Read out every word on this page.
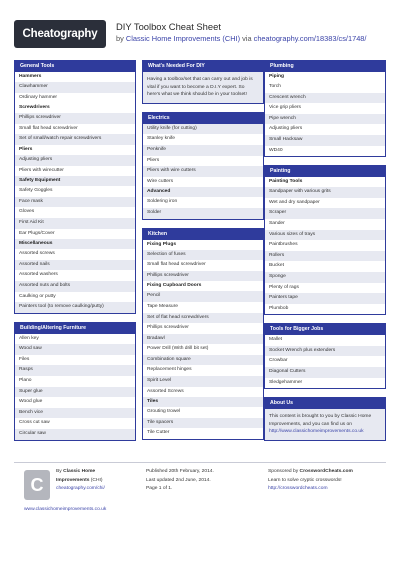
Cheatography
DIY Toolbox Cheat Sheet
by Classic Home Improvements (CHI) via cheatography.com/18383/cs/1748/
General Tools
Hammers
Clawhammer
Ordinary hammer
Screwdrivers
Phillips screwdriver
Small flat head screwdriver
Set of small/watch repair screwdrivers
Pliers
Adjusting pliers
Pliers with wirecutter
Safety Equipment
Safety Goggles
Face mask
Gloves
First Aid Kit
Ear Plugs/Cover
Miscellaneous
Assorted screws
Assorted nails
Assorted washers
Assorted nuts and bolts
Caulking or putty
Painters tool (to remove caulking/putty)
Building/Altering Furniture
Allen key
Wood saw
Files
Rasps
Plano
Super glue
Wood glue
Bench vice
Cross cut saw
Circular saw
What's Needed For DIY
Having a toolbox/set that can carry out and job is vital if you want to become a D.I.Y expert. So here's what we think should be in your toolset!
Electrics
Utility knife (for cutting)
Stanley knife
Penknife
Pliers
Pliers with wire cutters
Wire cutters
Advanced
Soldering iron
Solder
Kitchen
Fixing Plugs
Selection of fuses
Small flat head screwdriver
Phillips screwdriver
Fixing Cupboard Doors
Pencil
Tape Measure
Set of flat head screwdrivers
Phillips screwdriver
Bradawl
Power Drill (With drill bit set)
Combination square
Replacement hinges
Spirit Level
Assorted Screws
Tiles
Grouting trowel
Tile spacers
Tile Cutter
Plumbing
Piping
Torch
Crescent wrench
Vice grip pliers
Pipe wrench
Adjusting pliers
Small Hacksaw
WD40
Painting
Painting Tools
Sandpaper with various grits
Wet and dry sandpaper
Scraper
Sander
Various sizes of trays
Paintbrushes
Rollers
Bucket
Sponge
Plenty of rags
Painters tape
Plumbob
Tools for Bigger Jobs
Mallet
Socket Wrench plus extenders
Crowbar
Diagonal Cutters
Sledgehammer
About Us
This content is brought to you by Classic Home Improvements, and you can find us on http://www.classichomeimprovements.co.uk
C
By Classic Home
Improvements (CHI)
cheatography.com/chi/
Published 20th February, 2014.
Last updated 2nd June, 2014.
Page 1 of 1.
Sponsored by CrosswordCheats.com
Learn to solve cryptic crosswords!
http://crosswordcheats.com
www.classichomeimprovements.co.uk
